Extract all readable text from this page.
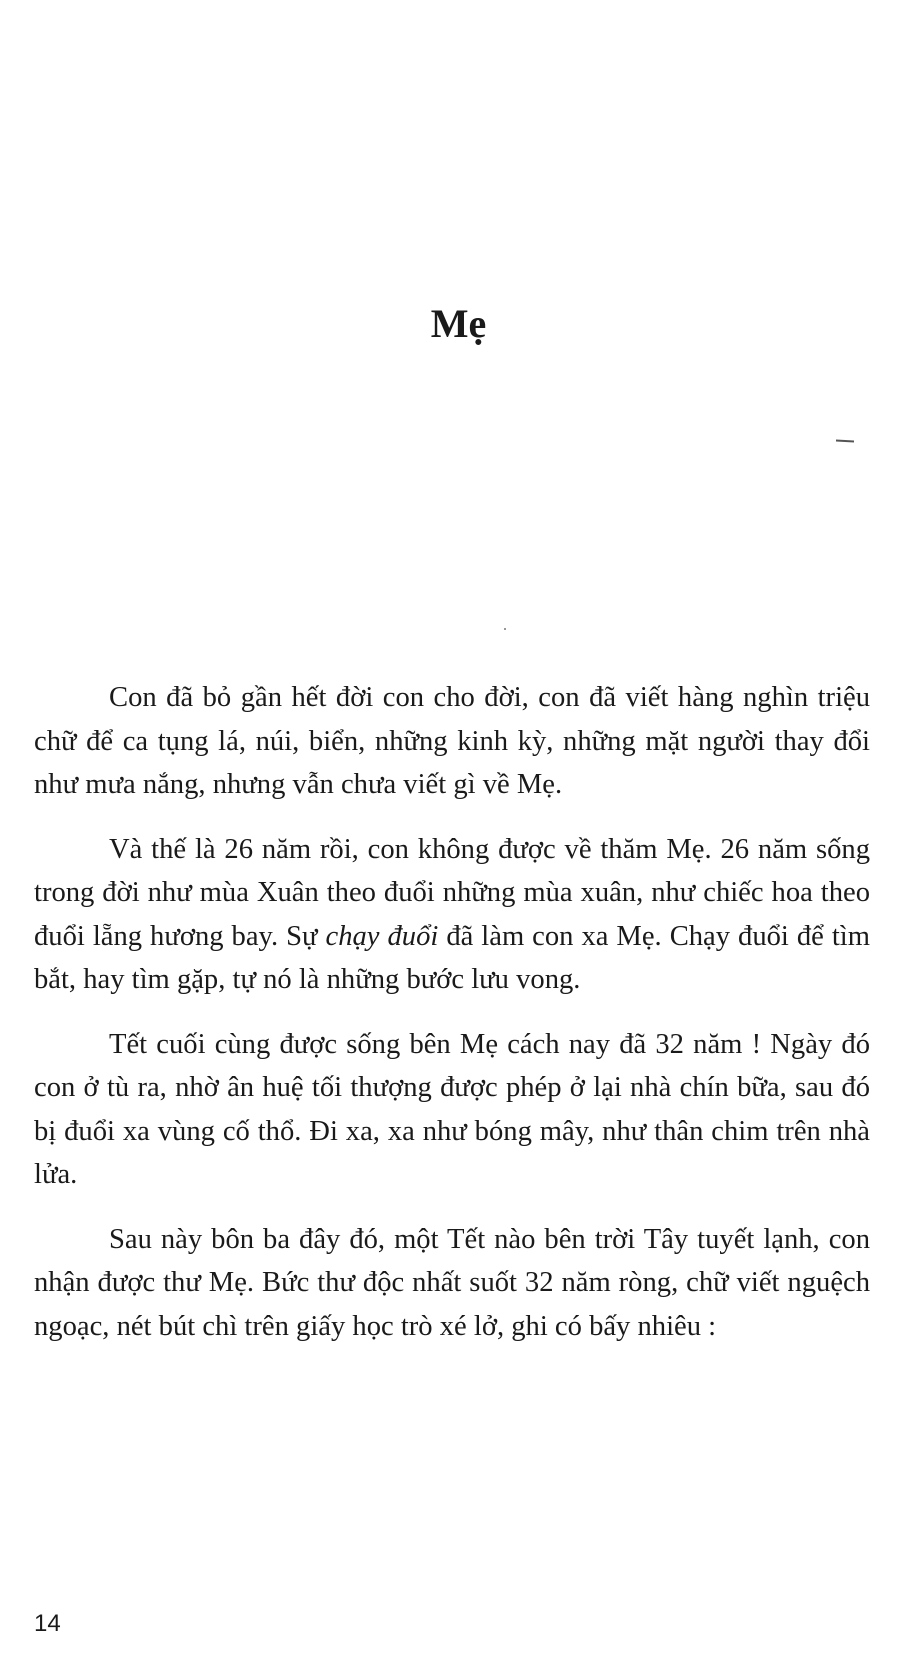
Mẹ

Con đã bỏ gần hết đời con cho đời, con đã viết hàng nghìn triệu chữ để ca tụng lá, núi, biển, những kinh kỳ, những mặt người thay đổi như mưa nắng, nhưng vẫn chưa viết gì về Mẹ.

Và thế là 26 năm rồi, con không được về thăm Mẹ. 26 năm sống trong đời như mùa Xuân theo đuổi những mùa xuân, như chiếc hoa theo đuổi lẵng hương bay. Sự chạy đuổi đã làm con xa Mẹ. Chạy đuổi để tìm bắt, hay tìm gặp, tự nó là những bước lưu vong.

Tết cuối cùng được sống bên Mẹ cách nay đã 32 năm ! Ngày đó con ở tù ra, nhờ ân huệ tối thượng được phép ở lại nhà chín bữa, sau đó bị đuổi xa vùng cố thổ. Đi xa, xa như bóng mây, như thân chim trên nhà lửa.

Sau này bôn ba đây đó, một Tết nào bên trời Tây tuyết lạnh, con nhận được thư Mẹ. Bức thư độc nhất suốt 32 năm ròng, chữ viết nguệch ngoạc, nét bút chì trên giấy học trò xé lở, ghi có bấy nhiêu :

14
